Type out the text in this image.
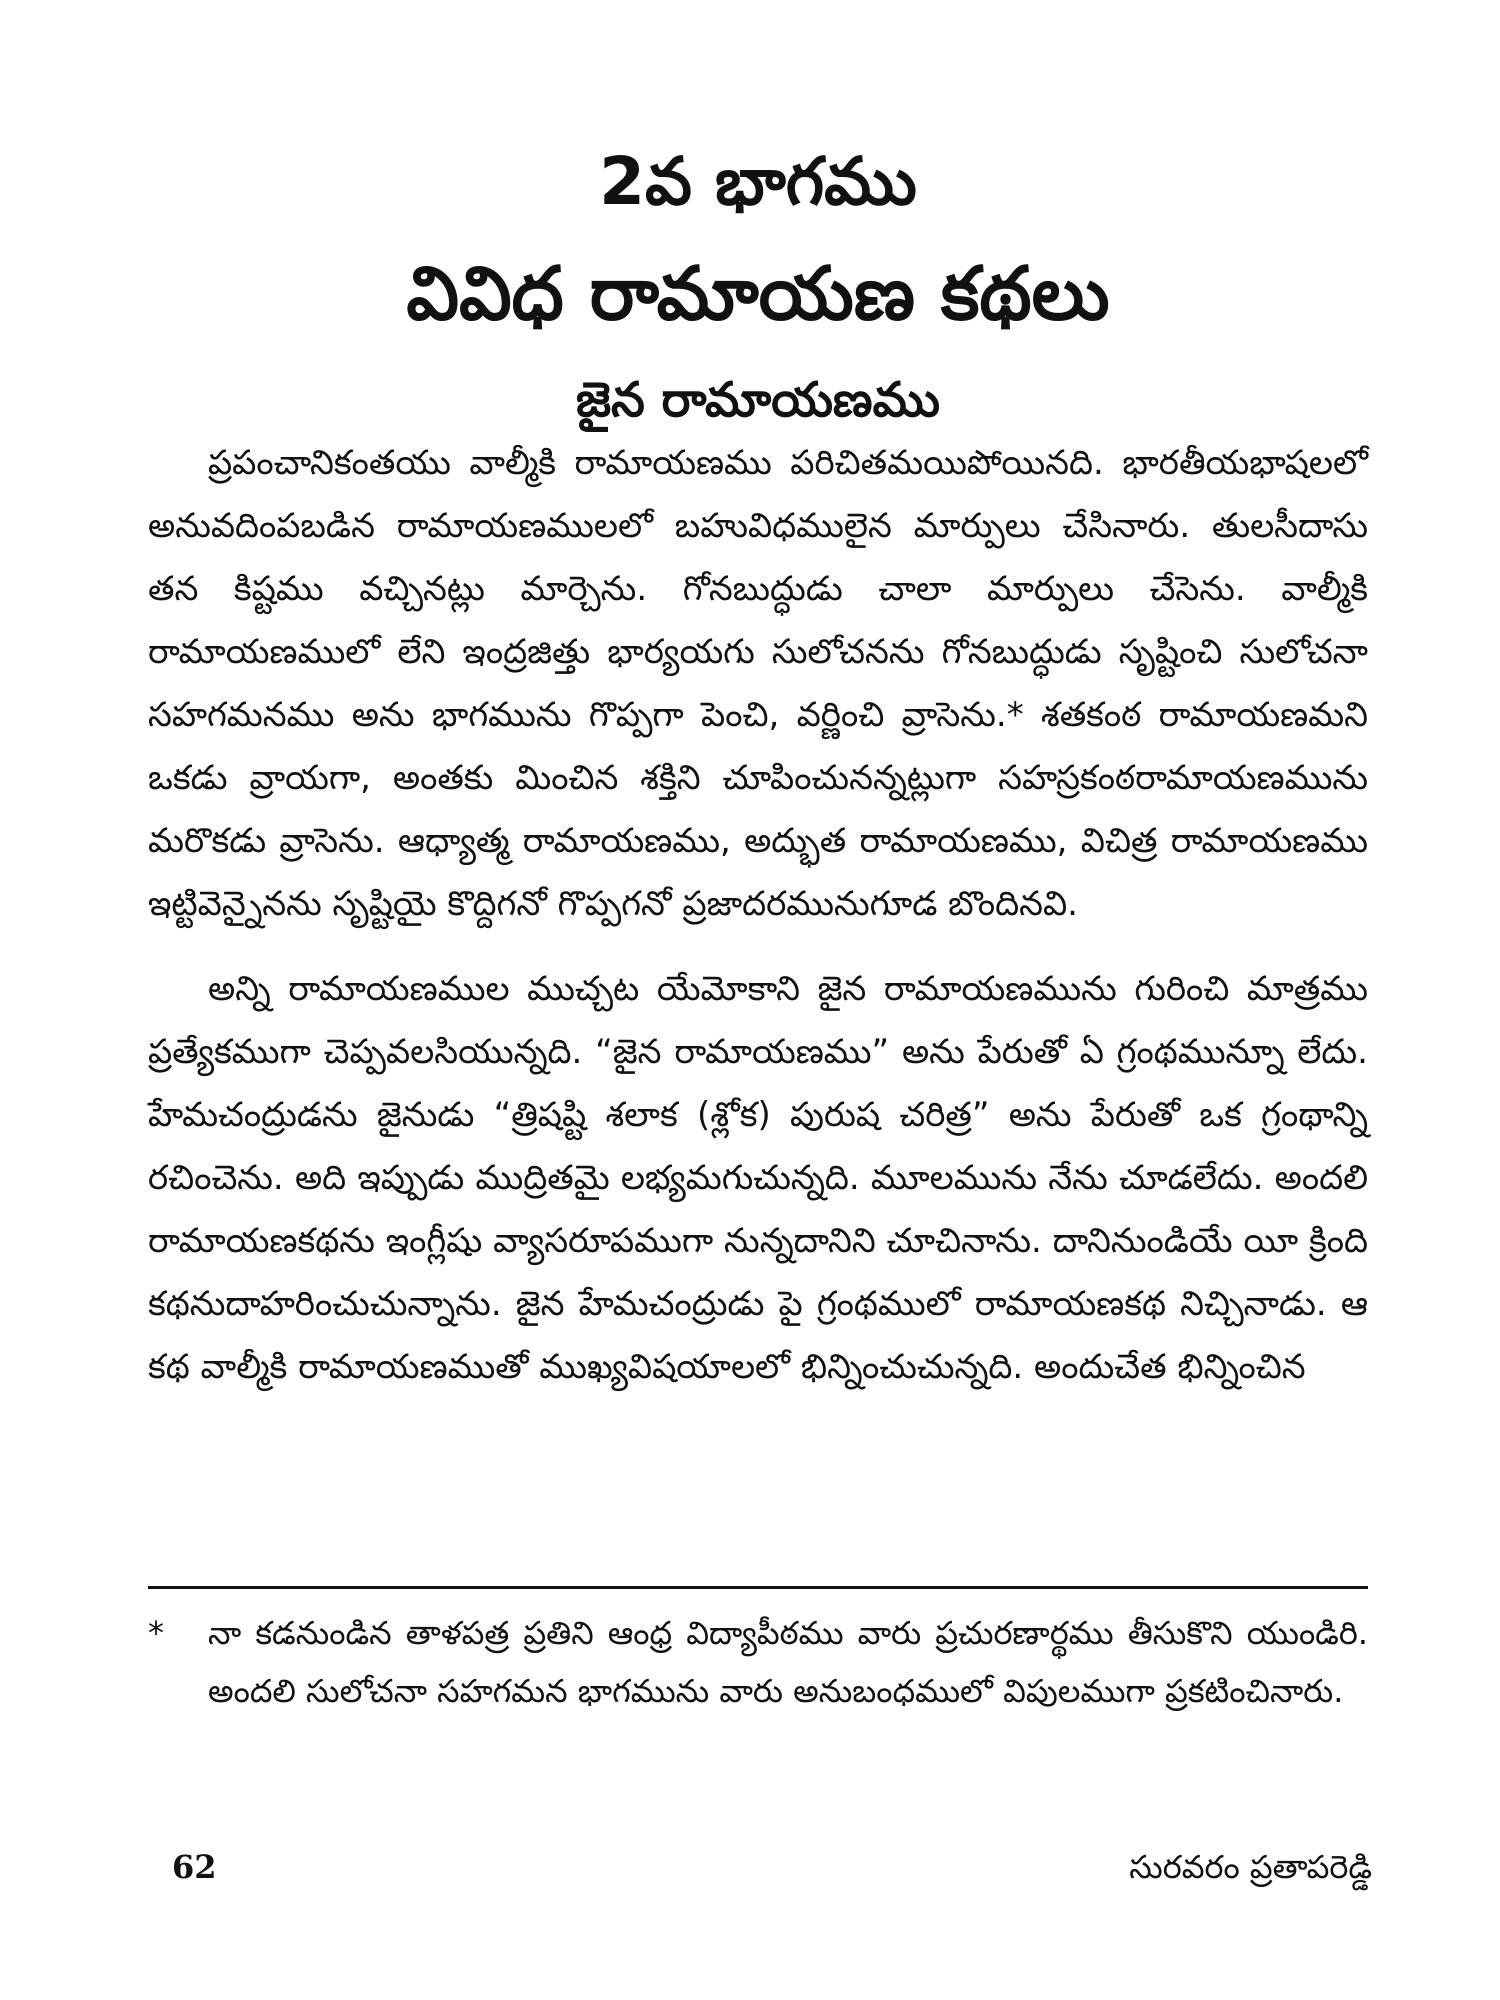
2వ భాగము
వివిధ రామాయణ కథలు
జైన రామాయణము

ప్రపంచానికంతయు వాల్మీకి రామాయణము పరిచితమయిపోయినది. భారతీయభాషలలో అనువదింపబడిన రామాయణములలో బహువిధములైన మార్పులు చేసినారు. తులసీదాసు తన కిష్టము వచ్చినట్లు మార్చెను. గోనబుద్ధుడు చాలా మార్పులు చేసెను. వాల్మీకి రామాయణములో లేని ఇంద్రజిత్తు భార్యయగు సులోచనను గోనబుద్ధుడు సృష్టించి సులోచనా సహగమనము అను భాగమును గొప్పగా పెంచి, వర్ణించి వ్రాసెను.* శతకంఠ రామాయణమని ఒకడు వ్రాయగా, అంతకు మించిన శక్తిని చూపించునన్నట్లుగా సహస్రకంఠరామాయణమును మరొకడు వ్రాసెను. ఆధ్యాత్మ రామాయణము, అద్భుత రామాయణము, విచిత్ర రామాయణము ఇట్టివెన్నైనను సృష్టియై కొద్దిగనో గొప్పగనో ప్రజాదరమునుగూడ బొందినవి.

అన్ని రామాయణముల ముచ్చట యేమోకాని జైన రామాయణమును గురించి మాత్రము ప్రత్యేకముగా చెప్పవలసియున్నది. “జైన రామాయణము” అను పేరుతో ఏ గ్రంథమున్నూ లేదు. హేమచంద్రుడను జైనుడు “త్రిషష్టి శలాక (శ్లోక) పురుష చరిత్ర” అను పేరుతో ఒక గ్రంథాన్ని రచించెను. అది ఇప్పుడు ముద్రితమై లభ్యమగుచున్నది. మూలమును నేను చూడలేదు. అందలి రామాయణకథను ఇంగ్లీషు వ్యాసరూపముగా నున్నదానిని చూచినాను. దానినుండియే యీ క్రింది కథనుదాహరించుచున్నాను. జైన హేమచంద్రుడు పై గ్రంథములో రామాయణకథ నిచ్చినాడు. ఆ కథ వాల్మీకి రామాయణముతో ముఖ్యవిషయాలలో భిన్నించుచున్నది. అందుచేత భిన్నించిన

*	నా కడనుండిన తాళపత్ర ప్రతిని ఆంధ్ర విద్యాపీఠము వారు ప్రచురణార్థము తీసుకొని యుండిరి. అందలి సులోచనా సహగమన భాగమును వారు అనుబంధములో విపులముగా ప్రకటించినారు.
62	సురవరం ప్రతాపరెడ్డి
